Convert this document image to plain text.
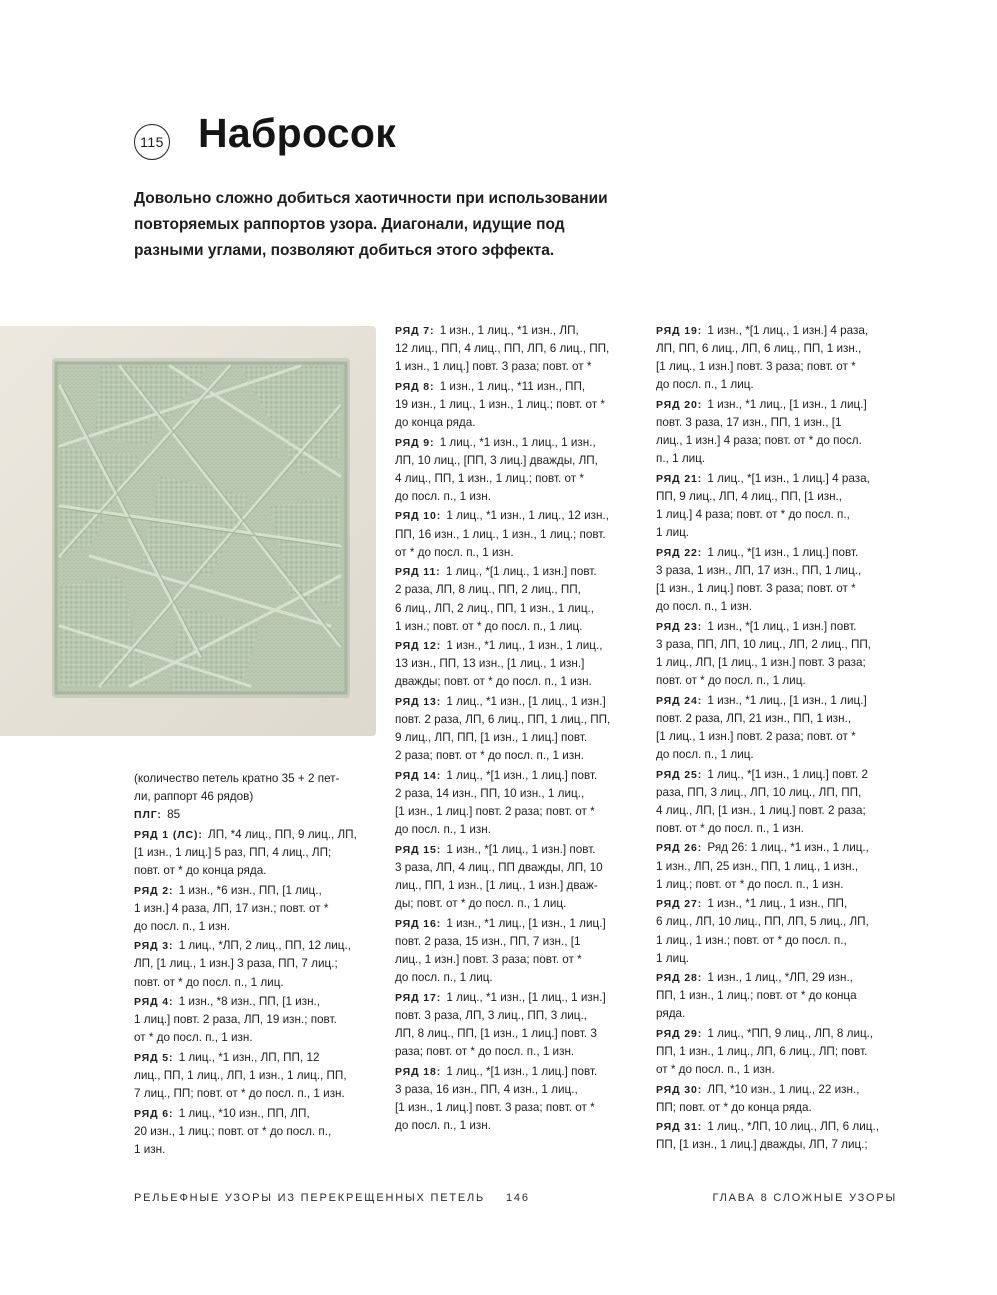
115 Набросок

Довольно сложно добиться хаотичности при использовании повторяемых раппортов узора. Диагонали, идущие под разными углами, позволяют добиться этого эффекта.

(количество петель кратно 35 + 2 пет-
ли, раппорт 46 рядов)

ПЛГ: 85

РЯД 1 (ЛС): ЛП, *4 лиц., ПП, 9 лиц., ЛП,
[1 изн., 1 лиц.] 5 раз, ПП, 4 лиц., ЛП;
повт. от * до конца ряда.

РЯД 2: 1 изн., *6 изн., ПП, [1 лиц.,
1 изн.] 4 раза, ЛП, 17 изн.; повт. от *
до посл. п., 1 изн.

РЯД 3: 1 лиц., *ЛП, 2 лиц., ПП, 12 лиц.,
ЛП, [1 лиц., 1 изн.] 3 раза, ПП, 7 лиц.;
повт. от * до посл. п., 1 лиц.

РЯД 4: 1 изн., *8 изн., ПП, [1 изн.,
1 лиц.] повт. 2 раза, ЛП, 19 изн.; повт.
от * до посл. п., 1 изн.

РЯД 5: 1 лиц., *1 изн., ЛП, ПП, 12
лиц., ПП, 1 лиц., ЛП, 1 изн., 1 лиц., ПП,
7 лиц., ПП; повт. от * до посл. п., 1 изн.

РЯД 6: 1 лиц., *10 изн., ПП, ЛП,
20 изн., 1 лиц.; повт. от * до посл. п.,
1 изн.

РЯД 7: 1 изн., 1 лиц., *1 изн., ЛП,
12 лиц., ПП, 4 лиц., ПП, ЛП, 6 лиц., ПП,
1 изн., 1 лиц.] повт. 3 раза; повт. от *

РЯД 8: 1 изн., 1 лиц., *11 изн., ПП,
19 изн., 1 лиц., 1 изн., 1 лиц.; повт. от *
до конца ряда.

РЯД 9: 1 лиц., *1 изн., 1 лиц., 1 изн.,
ЛП, 10 лиц., [ПП, 3 лиц.] дважды, ЛП,
4 лиц., ПП, 1 изн., 1 лиц.; повт. от *
до посл. п., 1 изн.

РЯД 10: 1 лиц., *1 изн., 1 лиц., 12 изн.,
ПП, 16 изн., 1 лиц., 1 изн., 1 лиц.; повт.
от * до посл. п., 1 изн.

РЯД 11: 1 лиц., *[1 лиц., 1 изн.] повт.
2 раза, ЛП, 8 лиц., ПП, 2 лиц., ПП,
6 лиц., ЛП, 2 лиц., ПП, 1 изн., 1 лиц.,
1 изн.; повт. от * до посл. п., 1 лиц.

РЯД 12: 1 изн., *1 лиц., 1 изн., 1 лиц.,
13 изн., ПП, 13 изн., [1 лиц., 1 изн.]
дважды; повт. от * до посл. п., 1 изн.

РЯД 13: 1 лиц., *1 изн., [1 лиц., 1 изн.]
повт. 2 раза, ЛП, 6 лиц., ПП, 1 лиц., ПП,
9 лиц., ЛП, ПП, [1 изн., 1 лиц.] повт.
2 раза; повт. от * до посл. п., 1 изн.

РЯД 14: 1 лиц., *[1 изн., 1 лиц.] повт.
2 раза, 14 изн., ПП, 10 изн., 1 лиц.,
[1 изн., 1 лиц.] повт. 2 раза; повт. от *
до посл. п., 1 изн.

РЯД 15: 1 изн., *[1 лиц., 1 изн.] повт.
3 раза, ЛП, 4 лиц., ПП дважды, ЛП, 10
лиц., ПП, 1 изн., [1 лиц., 1 изн.] дваж-
ды; повт. от * до посл. п., 1 лиц.

РЯД 16: 1 изн., *1 лиц., [1 изн., 1 лиц.]
повт. 2 раза, 15 изн., ПП, 7 изн., [1
лиц., 1 изн.] повт. 3 раза; повт. от *
до посл. п., 1 лиц.

РЯД 17: 1 лиц., *1 изн., [1 лиц., 1 изн.]
повт. 3 раза, ЛП, 3 лиц., ПП, 3 лиц.,
ЛП, 8 лиц., ПП, [1 изн., 1 лиц.] повт. 3
раза; повт. от * до посл. п., 1 изн.

РЯД 18: 1 лиц., *[1 изн., 1 лиц.] повт.
3 раза, 16 изн., ПП, 4 изн., 1 лиц.,
[1 изн., 1 лиц.] повт. 3 раза; повт. от *
до посл. п., 1 изн.

РЯД 19: 1 изн., *[1 лиц., 1 изн.] 4 раза,
ЛП, ПП, 6 лиц., ЛП, 6 лиц., ПП, 1 изн.,
[1 лиц., 1 изн.] повт. 3 раза; повт. от *
до посл. п., 1 лиц.

РЯД 20: 1 изн., *1 лиц., [1 изн., 1 лиц.]
повт. 3 раза, 17 изн., ПП, 1 изн., [1
лиц., 1 изн.] 4 раза; повт. от * до посл.
п., 1 лиц.

РЯД 21: 1 лиц., *[1 изн., 1 лиц.] 4 раза,
ПП, 9 лиц., ЛП, 4 лиц., ПП, [1 изн.,
1 лиц.] 4 раза; повт. от * до посл. п.,
1 лиц.

РЯД 22: 1 лиц., *[1 изн., 1 лиц.] повт.
3 раза, 1 изн., ЛП, 17 изн., ПП, 1 лиц.,
[1 изн., 1 лиц.] повт. 3 раза; повт. от *
до посл. п., 1 изн.

РЯД 23: 1 изн., *[1 лиц., 1 изн.] повт.
3 раза, ПП, ЛП, 10 лиц., ЛП, 2 лиц., ПП,
1 лиц., ЛП, [1 лиц., 1 изн.] повт. 3 раза;
повт. от * до посл. п., 1 лиц.

РЯД 24: 1 изн., *1 лиц., [1 изн., 1 лиц.]
повт. 2 раза, ЛП, 21 изн., ПП, 1 изн.,
[1 лиц., 1 изн.] повт. 2 раза; повт. от *
до посл. п., 1 лиц.

РЯД 25: 1 лиц., *[1 изн., 1 лиц.] повт. 2
раза, ПП, 3 лиц., ЛП, 10 лиц., ЛП, ПП,
4 лиц., ЛП, [1 изн., 1 лиц.] повт. 2 раза;
повт. от * до посл. п., 1 изн.

РЯД 26: Ряд 26: 1 лиц., *1 изн., 1 лиц.,
1 изн., ЛП, 25 изн., ПП, 1 лиц., 1 изн.,
1 лиц.; повт. от * до посл. п., 1 изн.

РЯД 27: 1 изн., *1 лиц., 1 изн., ПП,
6 лиц., ЛП, 10 лиц., ПП, ЛП, 5 лиц., ЛП,
1 лиц., 1 изн.; повт. от * до посл. п.,
1 лиц.

РЯД 28: 1 изн., 1 лиц., *ЛП, 29 изн.,
ПП, 1 изн., 1 лиц.; повт. от * до конца
ряда.

РЯД 29: 1 лиц., *ПП, 9 лиц., ЛП, 8 лиц.,
ПП, 1 изн., 1 лиц., ЛП, 6 лиц., ЛП; повт.
от * до посл. п., 1 изн.

РЯД 30: ЛП, *10 изн., 1 лиц., 22 изн.,
ПП; повт. от * до конца ряда.

РЯД 31: 1 лиц., *ЛП, 10 лиц., ЛП, 6 лиц.,
ПП, [1 изн., 1 лиц.] дважды, ЛП, 7 лиц.;

РЕЛЬЕФНЫЕ УЗОРЫ ИЗ ПЕРЕКРЕЩЕННЫХ ПЕТЕЛЬ 146	ГЛАВА 8 СЛОЖНЫЕ УЗОРЫ
